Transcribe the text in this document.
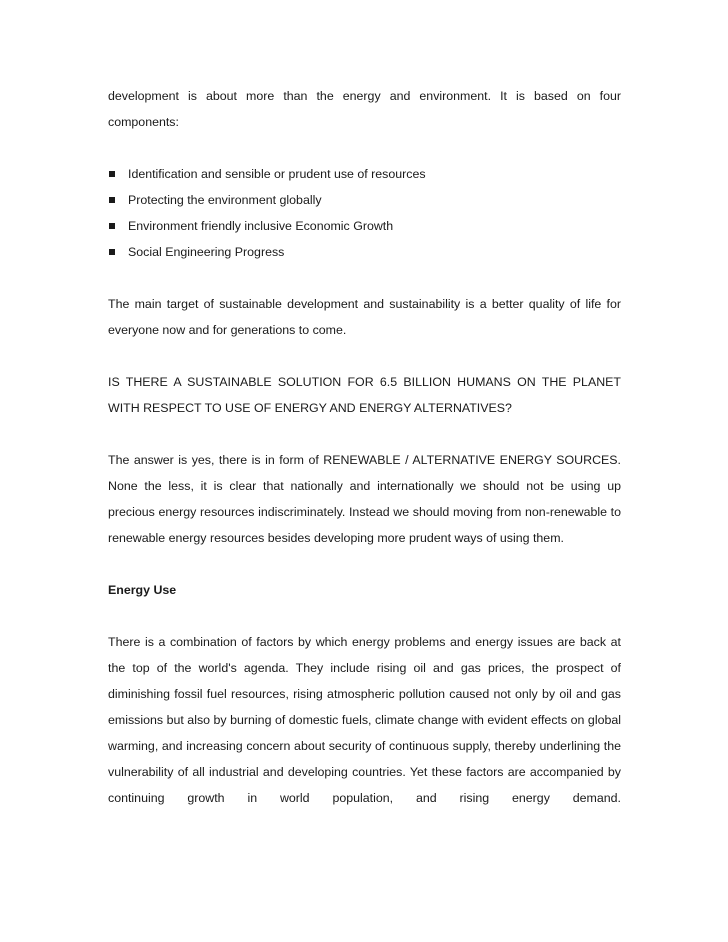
development is about more than the energy and environment. It is based on four components:

Identification and sensible or prudent use of resources
Protecting the environment globally
Environment friendly inclusive Economic Growth
Social Engineering Progress

The main target of sustainable development and sustainability is a better quality of life for everyone now and for generations to come.

IS THERE A SUSTAINABLE SOLUTION FOR 6.5 BILLION HUMANS ON THE PLANET WITH RESPECT TO USE OF ENERGY AND ENERGY ALTERNATIVES?

The answer is yes, there is in form of RENEWABLE / ALTERNATIVE ENERGY SOURCES. None the less, it is clear that nationally and internationally we should not be using up precious energy resources indiscriminately. Instead we should moving from non-renewable to renewable energy resources besides developing more prudent ways of using them.

Energy Use

There is a combination of factors by which energy problems and energy issues are back at the top of the world's agenda. They include rising oil and gas prices, the prospect of diminishing fossil fuel resources, rising atmospheric pollution caused not only by oil and gas emissions but also by burning of domestic fuels, climate change with evident effects on global warming, and increasing concern about security of continuous supply, thereby underlining the vulnerability of all industrial and developing countries. Yet these factors are accompanied by continuing growth in world population, and rising energy demand.
